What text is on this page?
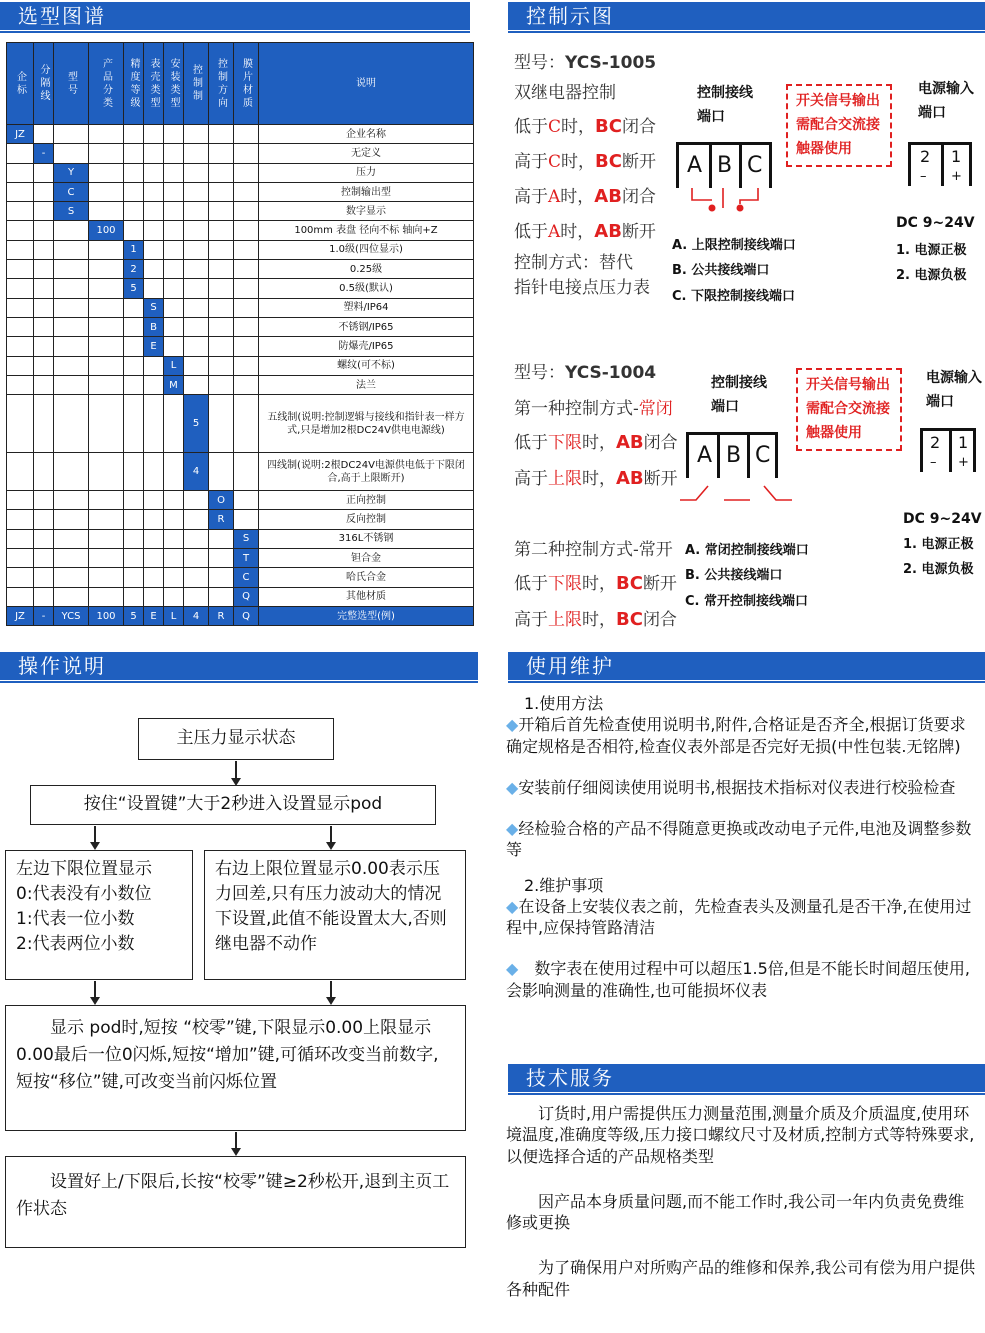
选型图谱	控制示图
操作说明	使用维护
技术服务
企标	分隔线	型号	产品分类	精度等级	表壳类型	安装类型	控制制	控制方向	膜片材质	说明
JZ										企业名称
	-									无定义
		Y								压力
		C								控制输出型
		S								数字显示
			100							100mm 表盘 径向不标 轴向+Z
				1						1.0级(四位显示)
				2						0.25级
				5						0.5级(默认)
					S					塑料/IP64
					B					不锈钢/IP65
					E					防爆壳/IP65
						L				螺纹(可不标)
						M				法兰
							5			五线制(说明:控制逻辑与接线和指针表一样方式,只是增加2根DC24V供电电源线)
							4			四线制(说明:2根DC24V电源供电低于下限闭合,高于上限断开)
								O		正向控制
								R		反向控制
									S	316L不锈钢
									T	钽合金
									C	哈氏合金
									Q	其他材质
JZ	-	YCS	100	5	E	L	4	R	Q	完整选型(例)
型号：YCS-1005
双继电器控制
低于C时，BC闭合
高于C时，BC断开
高于A时，AB闭合
低于A时，AB断开
控制方式：替代
指针电接点压力表
控制接线端口
开关信号输出需配合交流接触器使用
电源输入端口
A B C	2 1
– +
DC 9~24V
A. 上限控制接线端口
B. 公共接线端口
C. 下限控制接线端口
1. 电源正极
2. 电源负极
型号：YCS-1004
第一种控制方式-常闭
低于下限时，AB闭合
高于上限时，AB断开
第二种控制方式-常开
低于下限时，BC断开
高于上限时，BC闭合
控制接线端口
开关信号输出需配合交流接触器使用
电源输入端口
A B C
2 1
– +
DC 9~24V
A. 常闭控制接线端口
B. 公共接线端口
C. 常开控制接线端口
1. 电源正极
2. 电源负极
主压力显示状态
按住“设置键”大于2秒进入设置显示pod
左边下限位置显示
0:代表没有小数位
1:代表一位小数
2:代表两位小数
右边上限位置显示0.00表示压力回差,只有压力波动大的情况下设置,此值不能设置太大,否则继电器不动作
　　显示 pod时,短按 “校零”键,下限显示0.00上限显示 0.00最后一位0闪烁,短按“增加”键,可循环改变当前数字,短按“移位”键,可改变当前闪烁位置
　　设置好上/下限后,长按“校零”键≥2秒松开,退到主页工作状态
1.使用方法

◆开箱后首先检查使用说明书,附件,合格证是否齐全,根据订货要求确定规格是否相符,检查仪表外部是否完好无损(中性包装.无铭牌)

◆安装前仔细阅读使用说明书,根据技术指标对仪表进行校验检查

◆经检验合格的产品不得随意更换或改动电子元件,电池及调整参数等

2.维护事项

◆在设备上安装仪表之前，先检查表头及测量孔是否干净,在使用过程中,应保持管路清洁

◆　数字表在使用过程中可以超压1.5倍,但是不能长时间超压使用,会影响测量的准确性,也可能损坏仪表

　　订货时,用户需提供压力测量范围,测量介质及介质温度,使用环境温度,准确度等级,压力接口螺纹尺寸及材质,控制方式等特殊要求,以便选择合适的产品规格类型

　　因产品本身质量问题,而不能工作时,我公司一年内负责免费维修或更换

　　为了确保用户对所购产品的维修和保养,我公司有偿为用户提供各种配件
